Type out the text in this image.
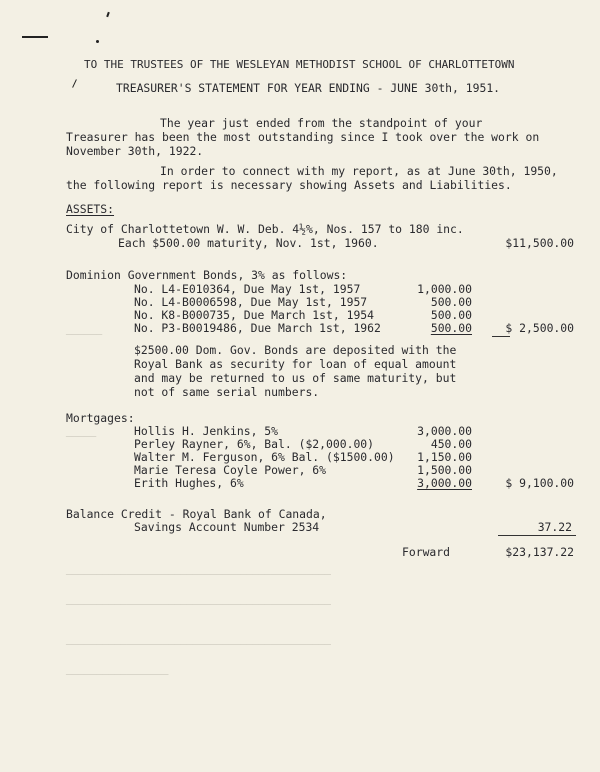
TO THE TRUSTEES OF THE WESLEYAN METHODIST SCHOOL OF CHARLOTTETOWN
TREASURER'S STATEMENT FOR YEAR ENDING - JUNE 30th, 1951.
The year just ended from the standpoint of your
Treasurer has been the most outstanding since I took over the work on
November 30th, 1922.
In order to connect with my report, as at June 30th, 1950,
the following report is necessary showing Assets and Liabilities.
ASSETS:
City of Charlottetown W. W. Deb. 4½%, Nos. 157 to 180 inc.
Each $500.00 maturity, Nov. 1st, 1960.	$11,500.00
Dominion Government Bonds, 3% as follows:
No. L4-E010364, Due May 1st, 1957	1,000.00
No. L4-B0006598, Due May 1st, 1957	500.00
No. K8-B000735, Due March 1st, 1954	500.00
No. P3-B0019486, Due March 1st, 1962	500.00	$ 2,500.00
$2500.00 Dom. Gov. Bonds are deposited with the
Royal Bank as security for loan of equal amount
and may be returned to us of same maturity, but
not of same serial numbers.
Mortgages:
Hollis H. Jenkins, 5%	3,000.00
Perley Rayner, 6%, Bal. ($2,000.00)	450.00
Walter M. Ferguson, 6% Bal. ($1500.00)	1,150.00
Marie Teresa Coyle Power, 6%	1,500.00
Erith Hughes, 6%	3,000.00	$ 9,100.00
Balance Credit - Royal Bank of Canada,
Savings Account Number 2534	37.22
Forward	$23,137.22
────────────────────────────────────────────
────────────────────────────────────────────
────────────────────────────────────────────
─────────────────
──────
─────
